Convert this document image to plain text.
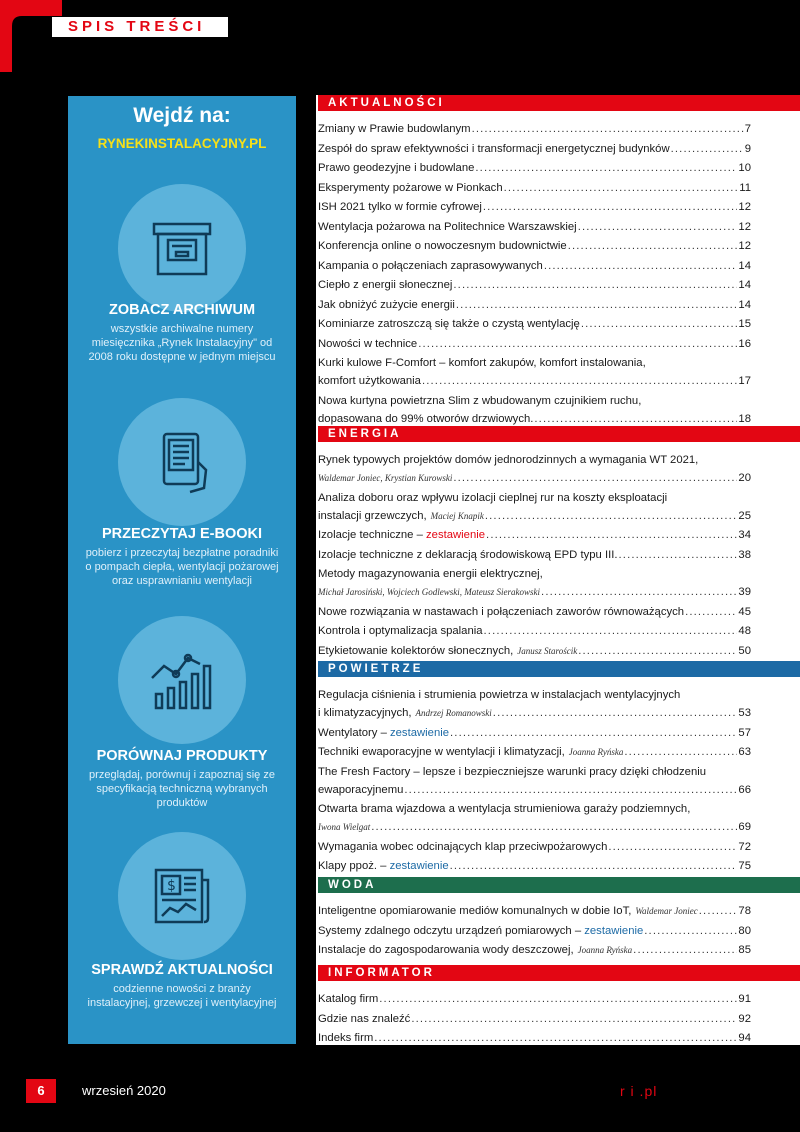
SPIS TREŚCI
Wejdź na:
RYNEKINSTALACYJNY.PL
ZOBACZ ARCHIWUM
wszystkie archiwalne numery miesięcznika „Rynek Instalacyjny" od 2008 roku dostępne w jednym miejscu
PRZECZYTAJ E-BOOKI
pobierz i przeczytaj bezpłatne poradniki o pompach ciepła, wentylacji pożarowej oraz usprawnianiu wentylacji
PORÓWNAJ PRODUKTY
przeglądaj, porównuj i zapoznaj się ze specyfikacją techniczną wybranych produktów
$
SPRAWDŹ AKTUALNOŚCI
codzienne nowości z branży instalacyjnej, grzewczej i wentylacyjnej
AKTUALNOŚCI
Zmiany w Prawie budowlanym . . .	7
Zespół do spraw efektywności i transformacji energetycznej budynków . . .	9
Prawo geodezyjne i budowlane . . .	10
Eksperymenty pożarowe w Pionkach . . .	11
ISH 2021 tylko w formie cyfrowej . . .	12
Wentylacja pożarowa na Politechnice Warszawskiej . . .	12
Konferencja online o nowoczesnym budownictwie . . .	12
Kampania o połączeniach zaprasowywanych . . .	14
Ciepło z energii słonecznej . . .	14
Jak obniżyć zużycie energii . . .	14
Kominiarze zatroszczą się także o czystą wentylację . . .	15
Nowości w technice . . .	16
Kurki kulowe F-Comfort – komfort zakupów, komfort instalowania,
komfort użytkowania . . .	17
Nowa kurtyna powietrzna Slim z wbudowanym czujnikiem ruchu,
dopasowana do 99% otworów drzwiowych. . . .	18
ENERGIA
Rynek typowych projektów domów jednorodzinnych a wymagania WT 2021,
Waldemar Joniec, Krystian Kurowski . . .	20
Analiza doboru oraz wpływu izolacji cieplnej rur na koszty eksploatacji
instalacji grzewczych, Maciej Knapik . . .	25
Izolacje techniczne – zestawienie . . .	34
Izolacje techniczne z deklaracją środowiskową EPD typu III. . . .	38
Metody magazynowania energii elektrycznej,
Michał Jarosiński, Wojciech Godlewski, Mateusz Sierakowski . . .	39
Nowe rozwiązania w nastawach i połączeniach zaworów równoważących . . .	45
Kontrola i optymalizacja spalania . . .	48
Etykietowanie kolektorów słonecznych, Janusz Starościk . . .	50
POWIETRZE
Regulacja ciśnienia i strumienia powietrza w instalacjach wentylacyjnych
i klimatyzacyjnych, Andrzej Romanowski . . .	53
Wentylatory – zestawienie . . .	57
Techniki ewaporacyjne w wentylacji i klimatyzacji, Joanna Ryńska . . .	63
The Fresh Factory – lepsze i bezpieczniejsze warunki pracy dzięki chłodzeniu
ewaporacyjnemu . . .	66
Otwarta brama wjazdowa a wentylacja strumieniowa garaży podziemnych,
Iwona Wielgat . . .	69
Wymagania wobec odcinających klap przeciwpożarowych . . .	72
Klapy ppoż. – zestawienie . . .	75
WODA
Inteligentne opomiarowanie mediów komunalnych w dobie IoT, Waldemar Joniec . . .	78
Systemy zdalnego odczytu urządzeń pomiarowych – zestawienie . . .	80
Instalacje do zagospodarowania wody deszczowej, Joanna Ryńska . . .	85
INFORMATOR
Katalog firm . . .	91
Gdzie nas znaleźć . . .	92
Indeks firm . . .	94
6	wrzesień 2020	r i .pl
